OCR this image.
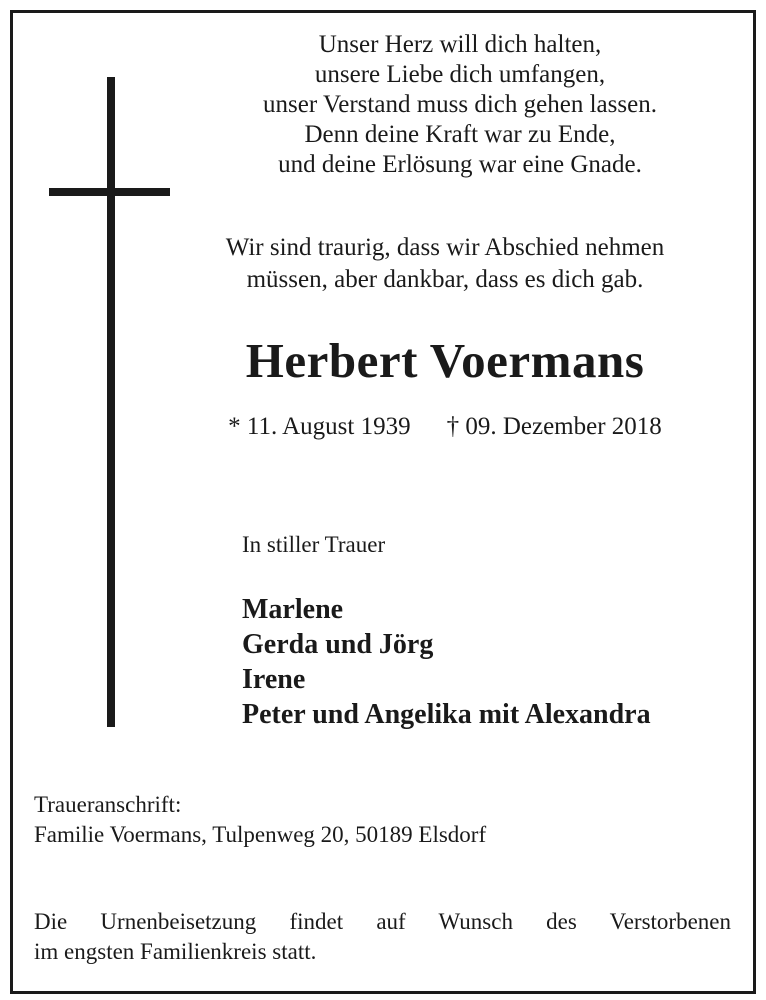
Unser Herz will dich halten,
unsere Liebe dich umfangen,
unser Verstand muss dich gehen lassen.
Denn deine Kraft war zu Ende,
und deine Erlösung war eine Gnade.
Wir sind traurig, dass wir Abschied nehmen
müssen, aber dankbar, dass es dich gab.
Herbert Voermans
* 11. August 1939 † 09. Dezember 2018
In stiller Trauer
Marlene
Gerda und Jörg
Irene
Peter und Angelika mit Alexandra
Traueranschrift:
Familie Voermans, Tulpenweg 20, 50189 Elsdorf
Die Urnenbeisetzung findet auf Wunsch des Verstorbenen
im engsten Familienkreis statt.
